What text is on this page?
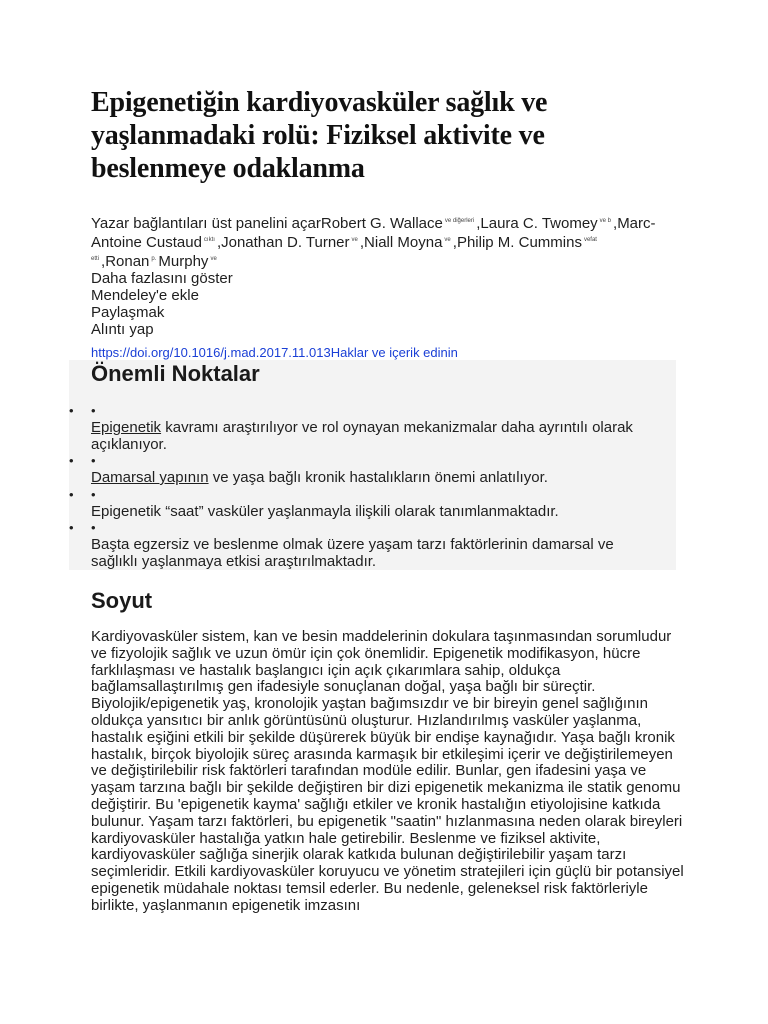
Epigenetiğin kardiyovasküler sağlık ve yaşlanmadaki rolü: Fiziksel aktivite ve beslenmeye odaklanma
Yazar bağlantıları üst panelini açarRobert G. Wallace $^{ve diğerleri}$ ,Laura C. Twomey $^{ve b}$ ,Marc-Antoine Custaud $^{cıktı}$ ,Jonathan D. Turner $^{ve}$ ,Niall Moyna $^{ve}$ ,Philip M. Cummins $^{vefat etti}$ ,Ronan $^{p.}$ Murphy $^{ve}$
Daha fazlasını göster
Mendeley'e ekle
Paylaşmak
Alıntı yap
https://doi.org/10.1016/j.mad.2017.11.013Haklar ve içerik edinin
Önemli Noktalar
• •
Epigenetik kavramı araştırılıyor ve rol oynayan mekanizmalar daha ayrıntılı olarak açıklanıyor.
• •
Damarsal yapının ve yaşa bağlı kronik hastalıkların önemi anlatılıyor.
• •
Epigenetik “saat” vasküler yaşlanmayla ilişkili olarak tanımlanmaktadır.
• •
Başta egzersiz ve beslenme olmak üzere yaşam tarzı faktörlerinin damarsal ve sağlıklı yaşlanmaya etkisi araştırılmaktadır.
Soyut

Kardiyovasküler sistem, kan ve besin maddelerinin dokulara taşınmasından sorumludur ve fizyolojik sağlık ve uzun ömür için çok önemlidir. Epigenetik modifikasyon, hücre farklılaşması ve hastalık başlangıcı için açık çıkarımlara sahip, oldukça bağlamsallaştırılmış gen ifadesiyle sonuçlanan doğal, yaşa bağlı bir süreçtir. Biyolojik/epigenetik yaş, kronolojik yaştan bağımsızdır ve bir bireyin genel sağlığının oldukça yansıtıcı bir anlık görüntüsünü oluşturur. Hızlandırılmış vasküler yaşlanma, hastalık eşiğini etkili bir şekilde düşürerek büyük bir endişe kaynağıdır. Yaşa bağlı kronik hastalık, birçok biyolojik süreç arasında karmaşık bir etkileşimi içerir ve değiştirilemeyen ve değiştirilebilir risk faktörleri tarafından modüle edilir. Bunlar, gen ifadesini yaşa ve yaşam tarzına bağlı bir şekilde değiştiren bir dizi epigenetik mekanizma ile statik genomu değiştirir. Bu 'epigenetik kayma' sağlığı etkiler ve kronik hastalığın etiyolojisine katkıda bulunur. Yaşam tarzı faktörleri, bu epigenetik "saatin" hızlanmasına neden olarak bireyleri kardiyovasküler hastalığa yatkın hale getirebilir. Beslenme ve fiziksel aktivite, kardiyovasküler sağlığa sinerjik olarak katkıda bulunan değiştirilebilir yaşam tarzı seçimleridir. Etkili kardiyovasküler koruyucu ve yönetim stratejileri için güçlü bir potansiyel epigenetik müdahale noktası temsil ederler. Bu nedenle, geleneksel risk faktörleriyle birlikte, yaşlanmanın epigenetik imzasını
